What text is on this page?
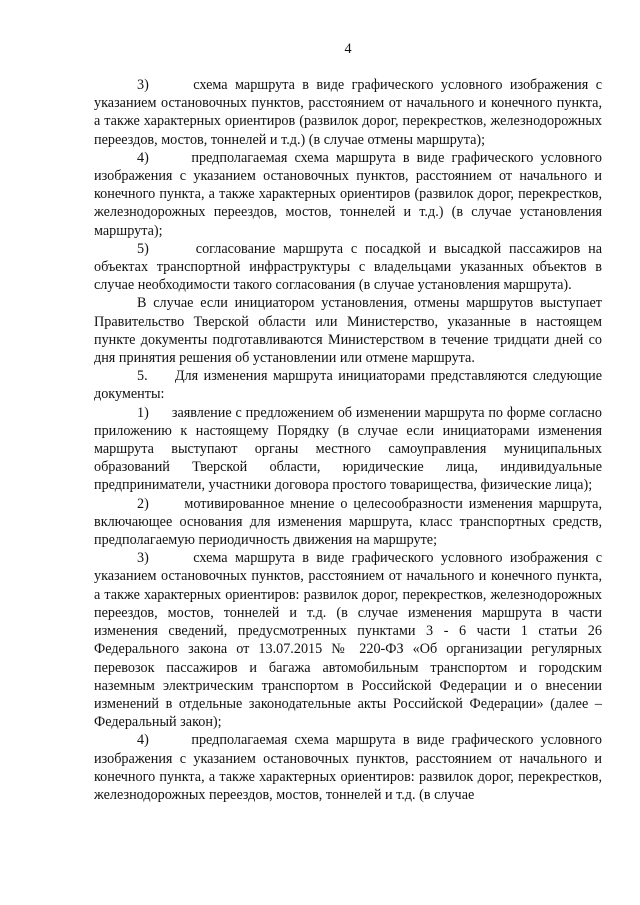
4

3)      схема маршрута в виде графического условного изображения с указанием остановочных пунктов, расстоянием от начального и конечного пункта, а также характерных ориентиров (развилок дорог, перекрестков, железнодорожных переездов, мостов, тоннелей и т.д.) (в случае отмены маршрута);

4)      предполагаемая схема маршрута в виде графического условного изображения с указанием остановочных пунктов, расстоянием от начального и конечного пункта, а также характерных ориентиров (развилок дорог, перекрестков, железнодорожных переездов, мостов, тоннелей и т.д.) (в случае установления маршрута);

5)      согласование маршрута с посадкой и высадкой пассажиров на объектах транспортной инфраструктуры с владельцами указанных объектов в случае необходимости такого согласования (в случае установления маршрута).

В случае если инициатором установления, отмены маршрутов выступает Правительство Тверской области или Министерство, указанные в настоящем пункте документы подготавливаются Министерством в течение тридцати дней со дня принятия решения об установлении или отмене маршрута.

5.     Для изменения маршрута инициаторами представляются следующие документы:

1)      заявление с предложением об изменении маршрута по форме согласно приложению к настоящему Порядку (в случае если инициаторами изменения маршрута выступают органы местного самоуправления муниципальных образований Тверской области, юридические лица, индивидуальные предприниматели, участники договора простого товарищества, физические лица);

2)      мотивированное мнение о целесообразности изменения маршрута, включающее основания для изменения маршрута, класс транспортных средств, предполагаемую периодичность движения на маршруте;

3)      схема маршрута в виде графического условного изображения с указанием остановочных пунктов, расстоянием от начального и конечного пункта, а также характерных ориентиров: развилок дорог, перекрестков, железнодорожных переездов, мостов, тоннелей и т.д. (в случае изменения маршрута в части изменения сведений, предусмотренных пунктами 3 - 6 части 1 статьи 26 Федерального закона от 13.07.2015 № 220-ФЗ «Об организации регулярных перевозок пассажиров и багажа автомобильным транспортом и городским наземным электрическим транспортом в Российской Федерации и о внесении изменений в отдельные законодательные акты Российской Федерации» (далее – Федеральный закон);

4)      предполагаемая схема маршрута в виде графического условного изображения с указанием остановочных пунктов, расстоянием от начального и конечного пункта, а также характерных ориентиров: развилок дорог, перекрестков, железнодорожных переездов, мостов, тоннелей и т.д. (в случае
